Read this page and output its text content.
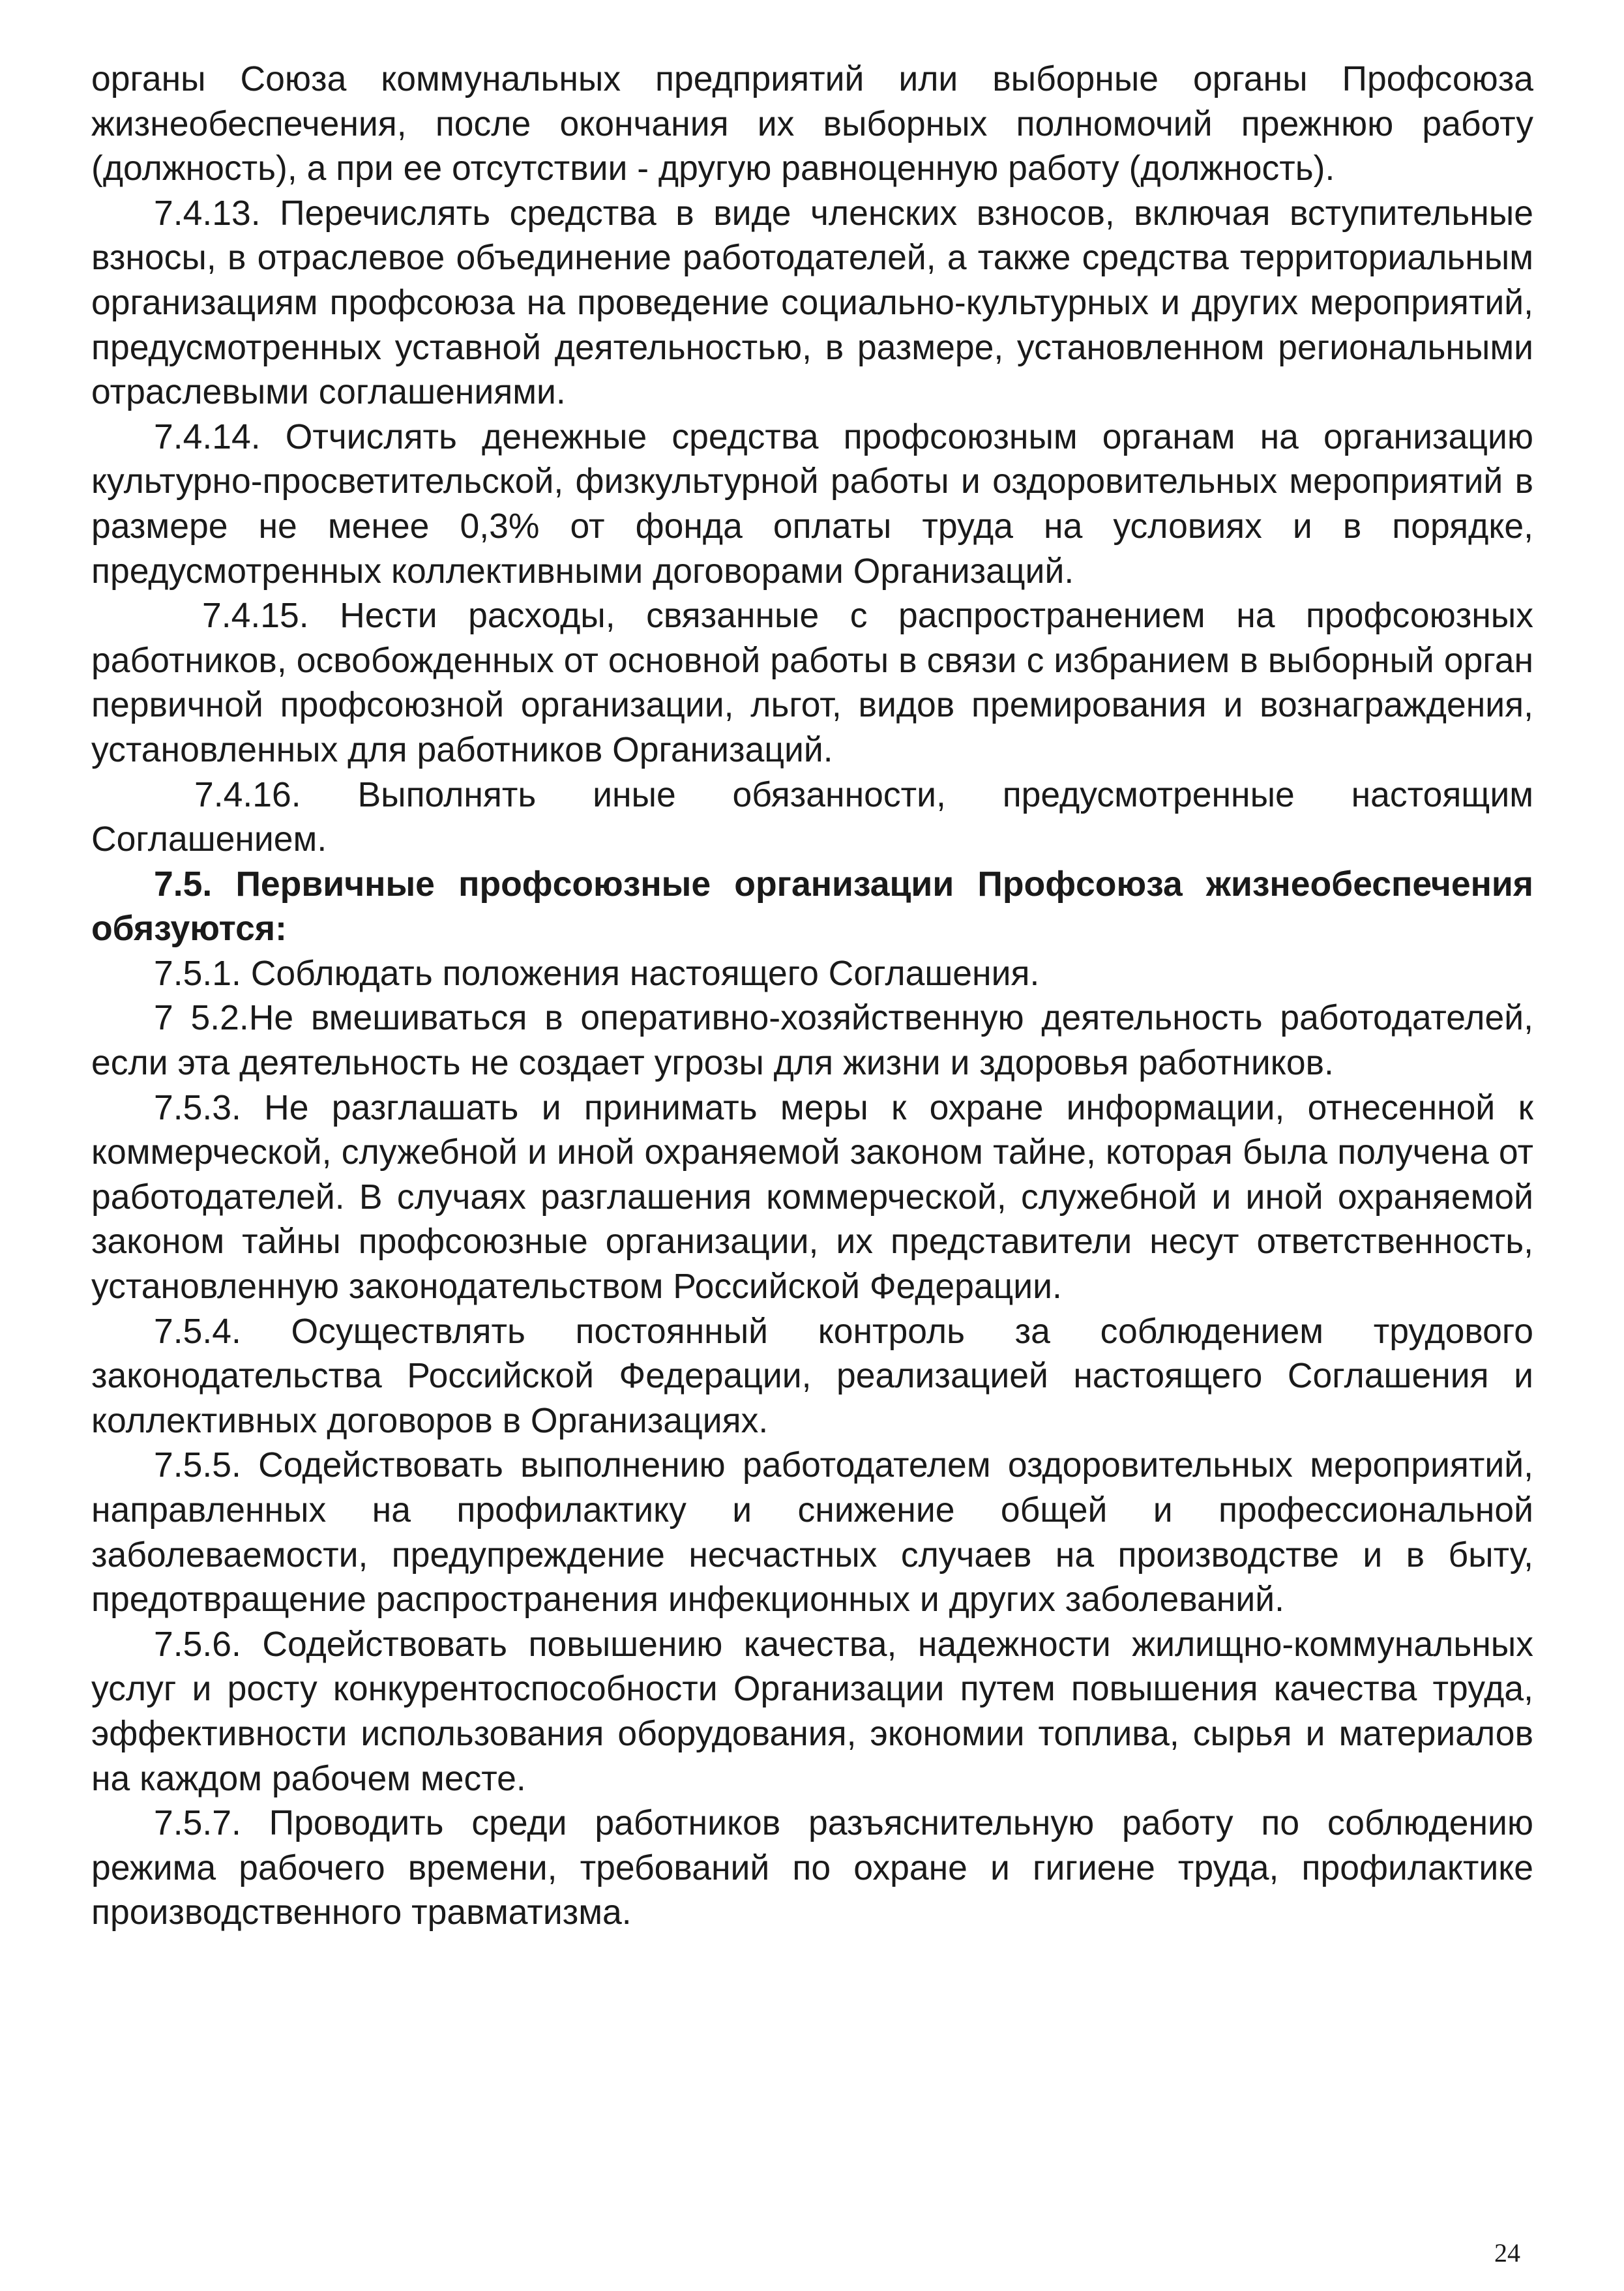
органы Союза коммунальных предприятий или выборные органы Профсоюза жизнеобеспечения, после окончания их выборных полномочий прежнюю работу (должность), а при ее отсутствии - другую равноценную работу (должность).

7.4.13. Перечислять средства в виде членских взносов, включая вступительные взносы, в отраслевое объединение работодателей, а также средства территориальным организациям профсоюза на проведение социально-культурных и других мероприятий, предусмотренных уставной деятельностью, в размере, установленном региональными отраслевыми соглашениями.

7.4.14. Отчислять денежные средства профсоюзным органам на организацию культурно-просветительской, физкультурной работы и оздоровительных мероприятий в размере не менее 0,3% от фонда оплаты труда на условиях и в порядке, предусмотренных коллективными договорами Организаций.

7.4.15. Нести расходы, связанные с распространением на профсоюзных работников, освобожденных от основной работы в связи с избранием в выборный орган первичной профсоюзной организации, льгот, видов премирования и вознаграждения, установленных для работников Организаций.

7.4.16. Выполнять иные обязанности, предусмотренные настоящим Соглашением.

7.5. Первичные профсоюзные организации Профсоюза жизнеобеспечения обязуются:

7.5.1. Соблюдать положения настоящего Соглашения.

7 5.2.Не вмешиваться в оперативно-хозяйственную деятельность работодателей, если эта деятельность не создает угрозы для жизни и здоровья работников.

7.5.3. Не разглашать и принимать меры к охране информации, отнесенной к коммерческой, служебной и иной охраняемой законом тайне, которая была получена от работодателей. В случаях разглашения коммерческой, служебной и иной охраняемой законом тайны профсоюзные организации, их представители несут ответственность, установленную законодательством Российской Федерации.

7.5.4. Осуществлять постоянный контроль за соблюдением трудового законодательства Российской Федерации, реализацией настоящего Соглашения и коллективных договоров в Организациях.

7.5.5. Содействовать выполнению работодателем оздоровительных мероприятий, направленных на профилактику и снижение общей и профессиональной заболеваемости, предупреждение несчастных случаев на производстве и в быту, предотвращение распространения инфекционных и других заболеваний.

7.5.6. Содействовать повышению качества, надежности жилищно-коммунальных услуг и росту конкурентоспособности Организации путем повышения качества труда, эффективности использования оборудования, экономии топлива, сырья и материалов на каждом рабочем месте.

7.5.7. Проводить среди работников разъяснительную работу по соблюдению режима рабочего времени, требований по охране и гигиене труда, профилактике производственного травматизма.

24
